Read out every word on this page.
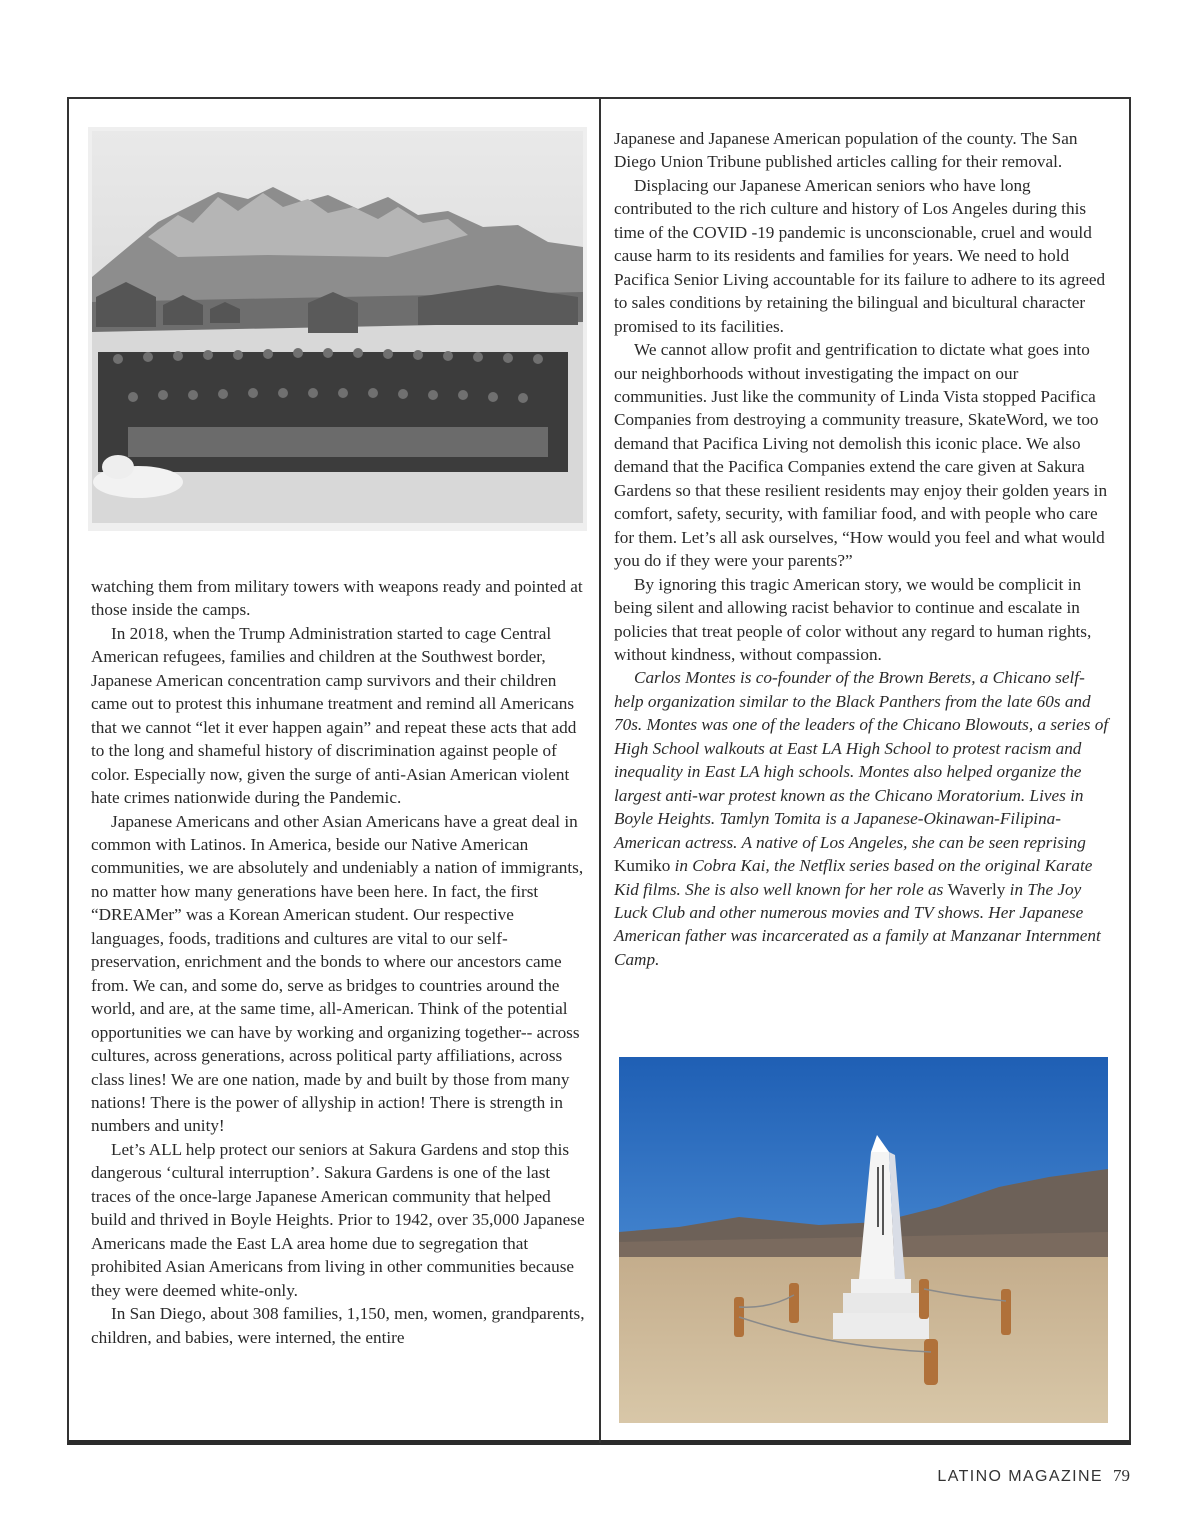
watching them from military towers with weapons ready and pointed at those inside the camps.

In 2018, when the Trump Administration started to cage Central American refugees, families and children at the Southwest border, Japanese American concentration camp survivors and their children came out to protest this inhumane treatment and remind all Americans that we cannot “let it ever happen again” and repeat these acts that add to the long and shameful history of discrimination against people of color. Especially now, given the surge of anti-Asian American violent hate crimes nationwide during the Pandemic.

Japanese Americans and other Asian Americans have a great deal in common with Latinos. In America, beside our Native American communities, we are absolutely and undeniably a nation of immigrants, no matter how many generations have been here. In fact, the first “DREAMer” was a Korean American student. Our respective languages, foods, traditions and cultures are vital to our self-preservation, enrichment and the bonds to where our ancestors came from. We can, and some do, serve as bridges to countries around the world, and are, at the same time, all-American. Think of the potential opportunities we can have by working and organizing together-- across cultures, across generations, across political party affiliations, across class lines! We are one nation, made by and built by those from many nations! There is the power of allyship in action! There is strength in numbers and unity!

Let’s ALL help protect our seniors at Sakura Gardens and stop this dangerous ‘cultural interruption’. Sakura Gardens is one of the last traces of the once-large Japanese American community that helped build and thrived in Boyle Heights. Prior to 1942, over 35,000 Japanese Americans made the East LA area home due to segregation that prohibited Asian Americans from living in other communities because they were deemed white-only.

In San Diego, about 308 families, 1,150, men, women, grandparents, children, and babies, were interned, the entire

Japanese and Japanese American population of the county. The San Diego Union Tribune published articles calling for their removal.

Displacing our Japanese American seniors who have long contributed to the rich culture and history of Los Angeles during this time of the COVID -19 pandemic is unconscionable, cruel and would cause harm to its residents and families for years. We need to hold Pacifica Senior Living accountable for its failure to adhere to its agreed to sales conditions by retaining the bilingual and bicultural character promised to its facilities.

We cannot allow profit and gentrification to dictate what goes into our neighborhoods without investigating the impact on our communities. Just like the community of Linda Vista stopped Pacifica Companies from destroying a community treasure, SkateWord, we too demand that Pacifica Living not demolish this iconic place. We also demand that the Pacifica Companies extend the care given at Sakura Gardens so that these resilient residents may enjoy their golden years in comfort, safety, security, with familiar food, and with people who care for them. Let’s all ask ourselves, “How would you feel and what would you do if they were your parents?”

By ignoring this tragic American story, we would be complicit in being silent and allowing racist behavior to continue and escalate in policies that treat people of color without any regard to human rights, without kindness, without compassion.

Carlos Montes is co-founder of the Brown Berets, a Chicano self-help organization similar to the Black Panthers from the late 60s and 70s. Montes was one of the leaders of the Chicano Blowouts, a series of High School walkouts at East LA High School to protest racism and inequality in East LA high schools. Montes also helped organize the largest anti-war protest known as the Chicano Moratorium. Lives in Boyle Heights. Tamlyn Tomita is a Japanese-Okinawan-Filipina-American actress. A native of Los Angeles, she can be seen reprising Kumiko in Cobra Kai, the Netflix series based on the original Karate Kid films. She is also well known for her role as Waverly in The Joy Luck Club and other numerous movies and TV shows. Her Japanese American father was incarcerated as a family at Manzanar Internment Camp.

LATINO MAGAZINE 79
